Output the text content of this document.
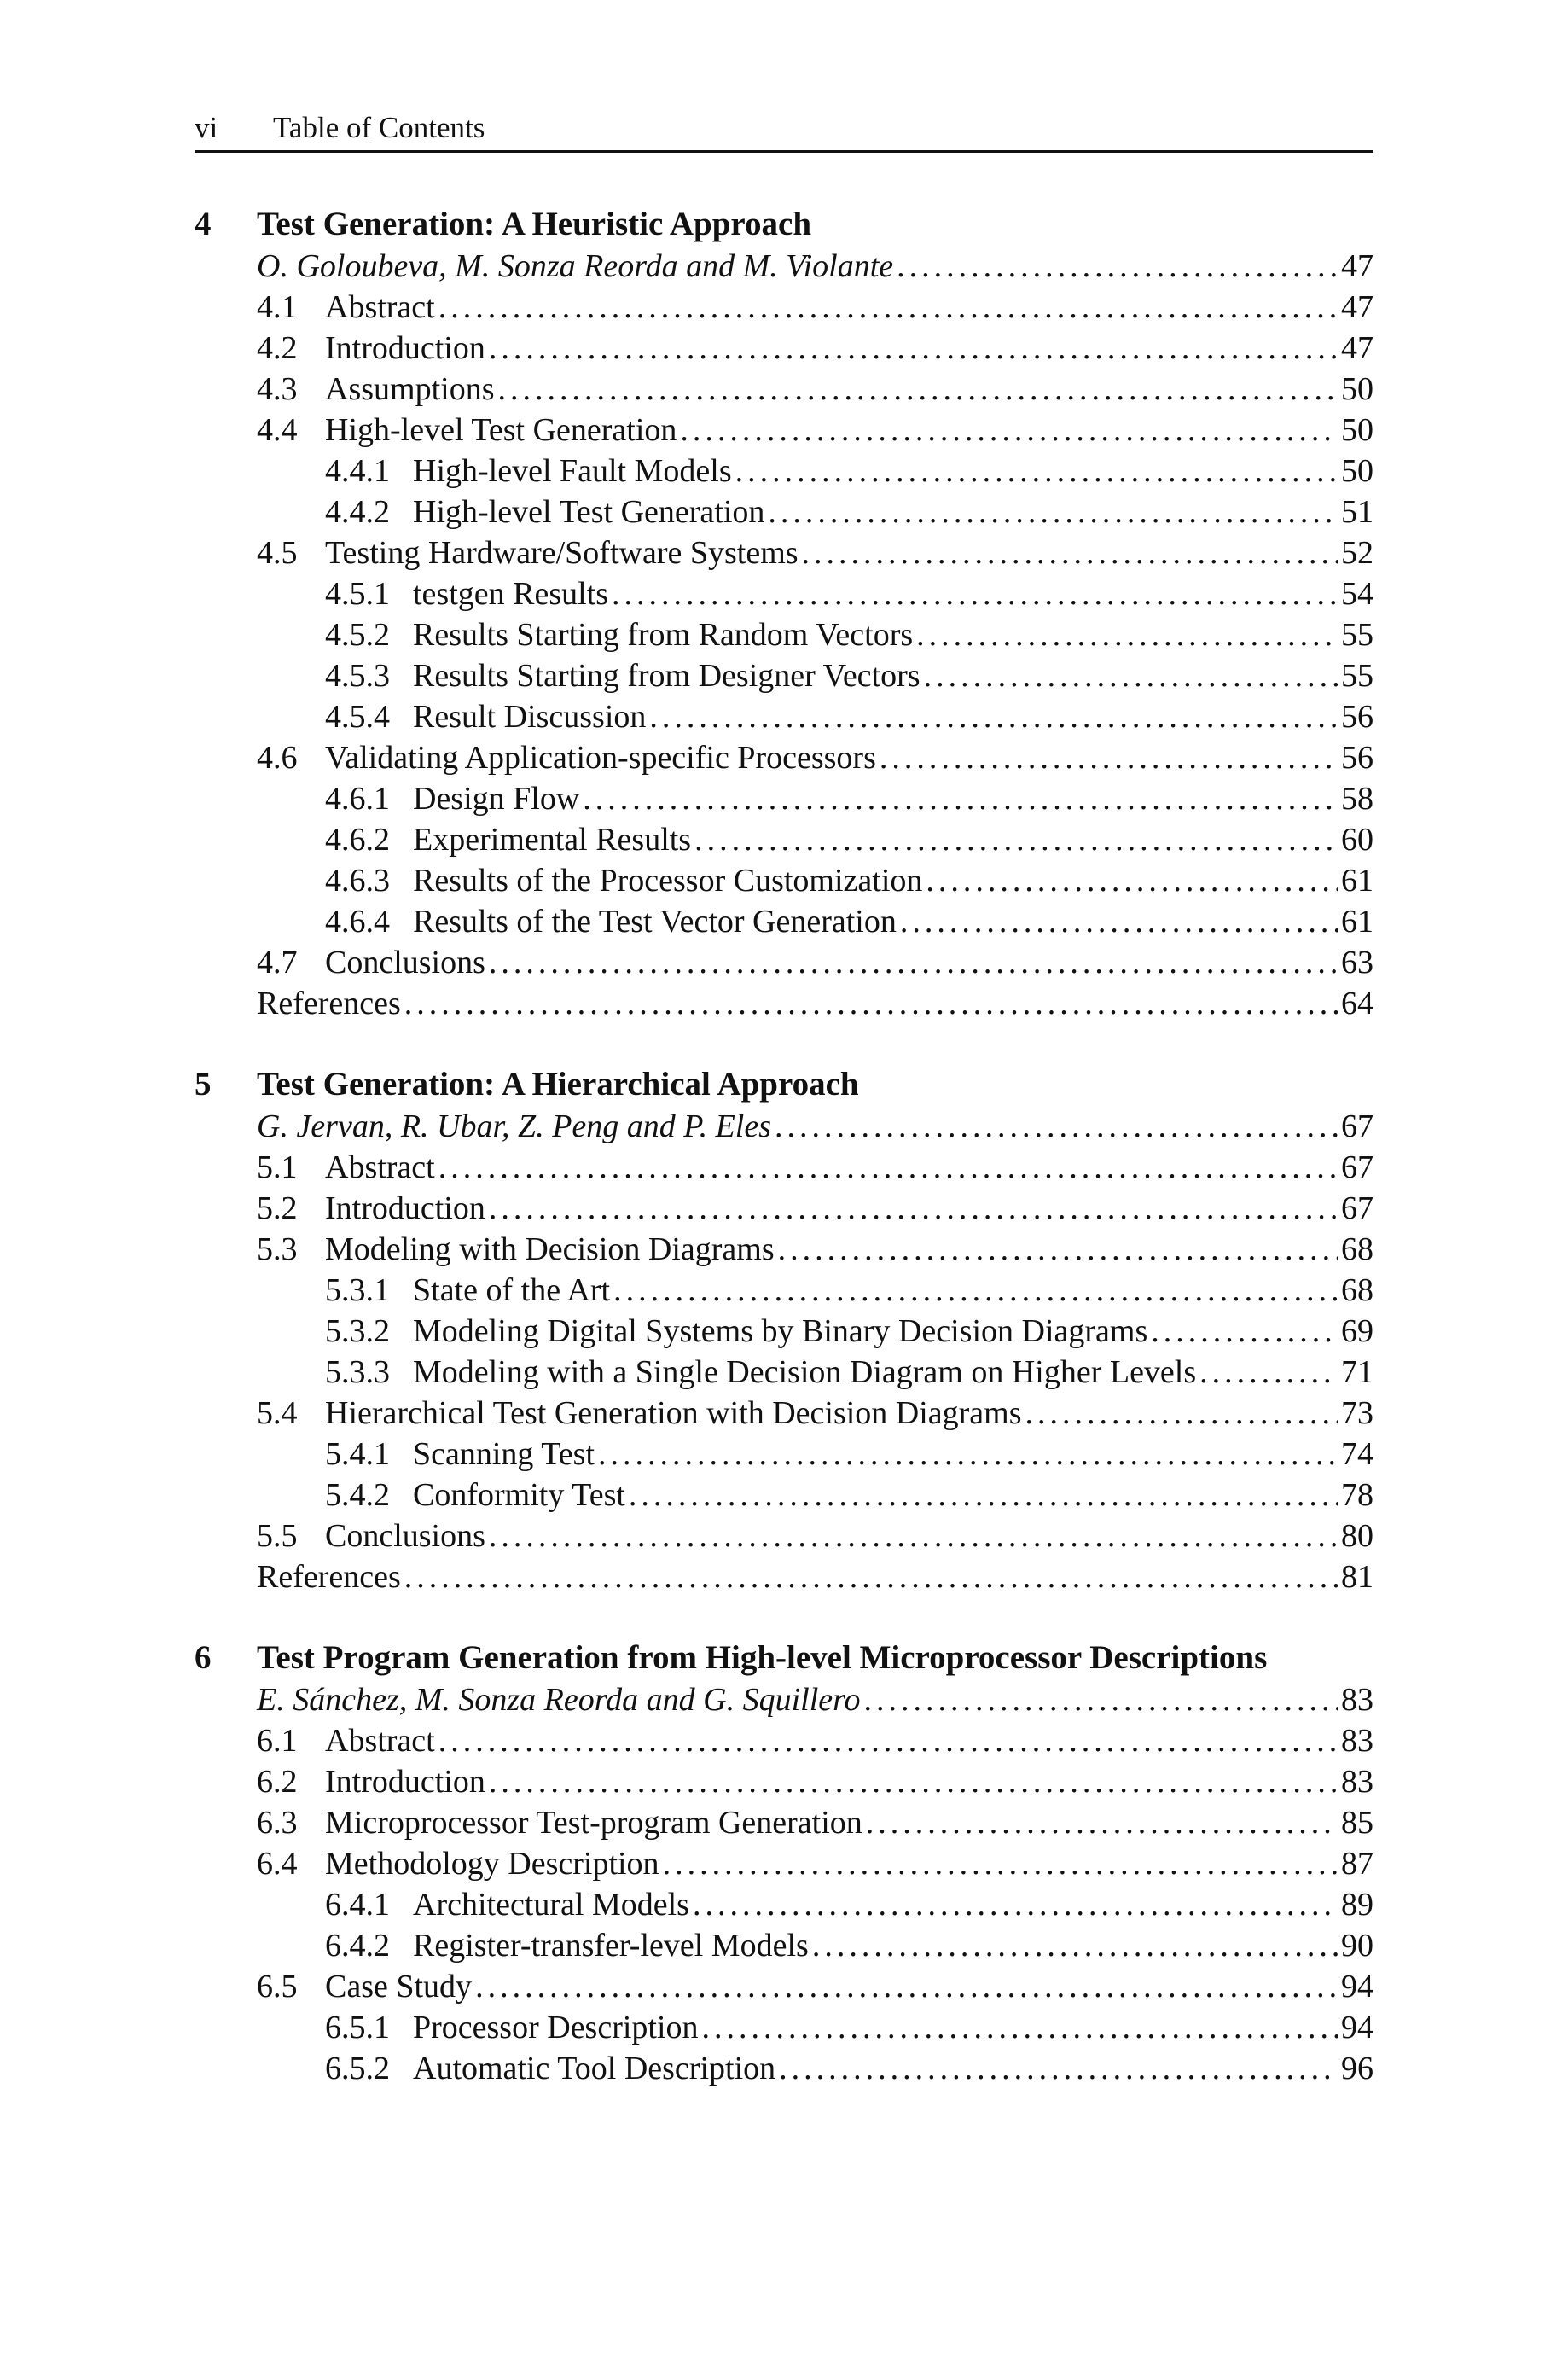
vi Table of Contents
4 Test Generation: A Heuristic Approach
O. Goloubeva, M. Sonza Reorda and M. Violante .....	47
4.1 Abstract .....	47
4.2 Introduction .....	47
4.3 Assumptions .....	50
4.4 High-level Test Generation .....	50
4.4.1 High-level Fault Models .....	50
4.4.2 High-level Test Generation .....	51
4.5 Testing Hardware/Software Systems .....	52
4.5.1 testgen Results .....	54
4.5.2 Results Starting from Random Vectors .....	55
4.5.3 Results Starting from Designer Vectors .....	55
4.5.4 Result Discussion .....	56
4.6 Validating Application-specific Processors .....	56
4.6.1 Design Flow .....	58
4.6.2 Experimental Results .....	60
4.6.3 Results of the Processor Customization .....	61
4.6.4 Results of the Test Vector Generation .....	61
4.7 Conclusions .....	63
References .....	64
5 Test Generation: A Hierarchical Approach
G. Jervan, R. Ubar, Z. Peng and P. Eles .....	67
5.1 Abstract .....	67
5.2 Introduction .....	67
5.3 Modeling with Decision Diagrams .....	68
5.3.1 State of the Art .....	68
5.3.2 Modeling Digital Systems by Binary Decision Diagrams .....	69
5.3.3 Modeling with a Single Decision Diagram on Higher Levels .....	71
5.4 Hierarchical Test Generation with Decision Diagrams .....	73
5.4.1 Scanning Test .....	74
5.4.2 Conformity Test .....	78
5.5 Conclusions .....	80
References .....	81
6 Test Program Generation from High-level Microprocessor Descriptions
E. Sánchez, M. Sonza Reorda and G. Squillero .....	83
6.1 Abstract .....	83
6.2 Introduction .....	83
6.3 Microprocessor Test-program Generation .....	85
6.4 Methodology Description .....	87
6.4.1 Architectural Models .....	89
6.4.2 Register-transfer-level Models .....	90
6.5 Case Study .....	94
6.5.1 Processor Description .....	94
6.5.2 Automatic Tool Description .....	96
